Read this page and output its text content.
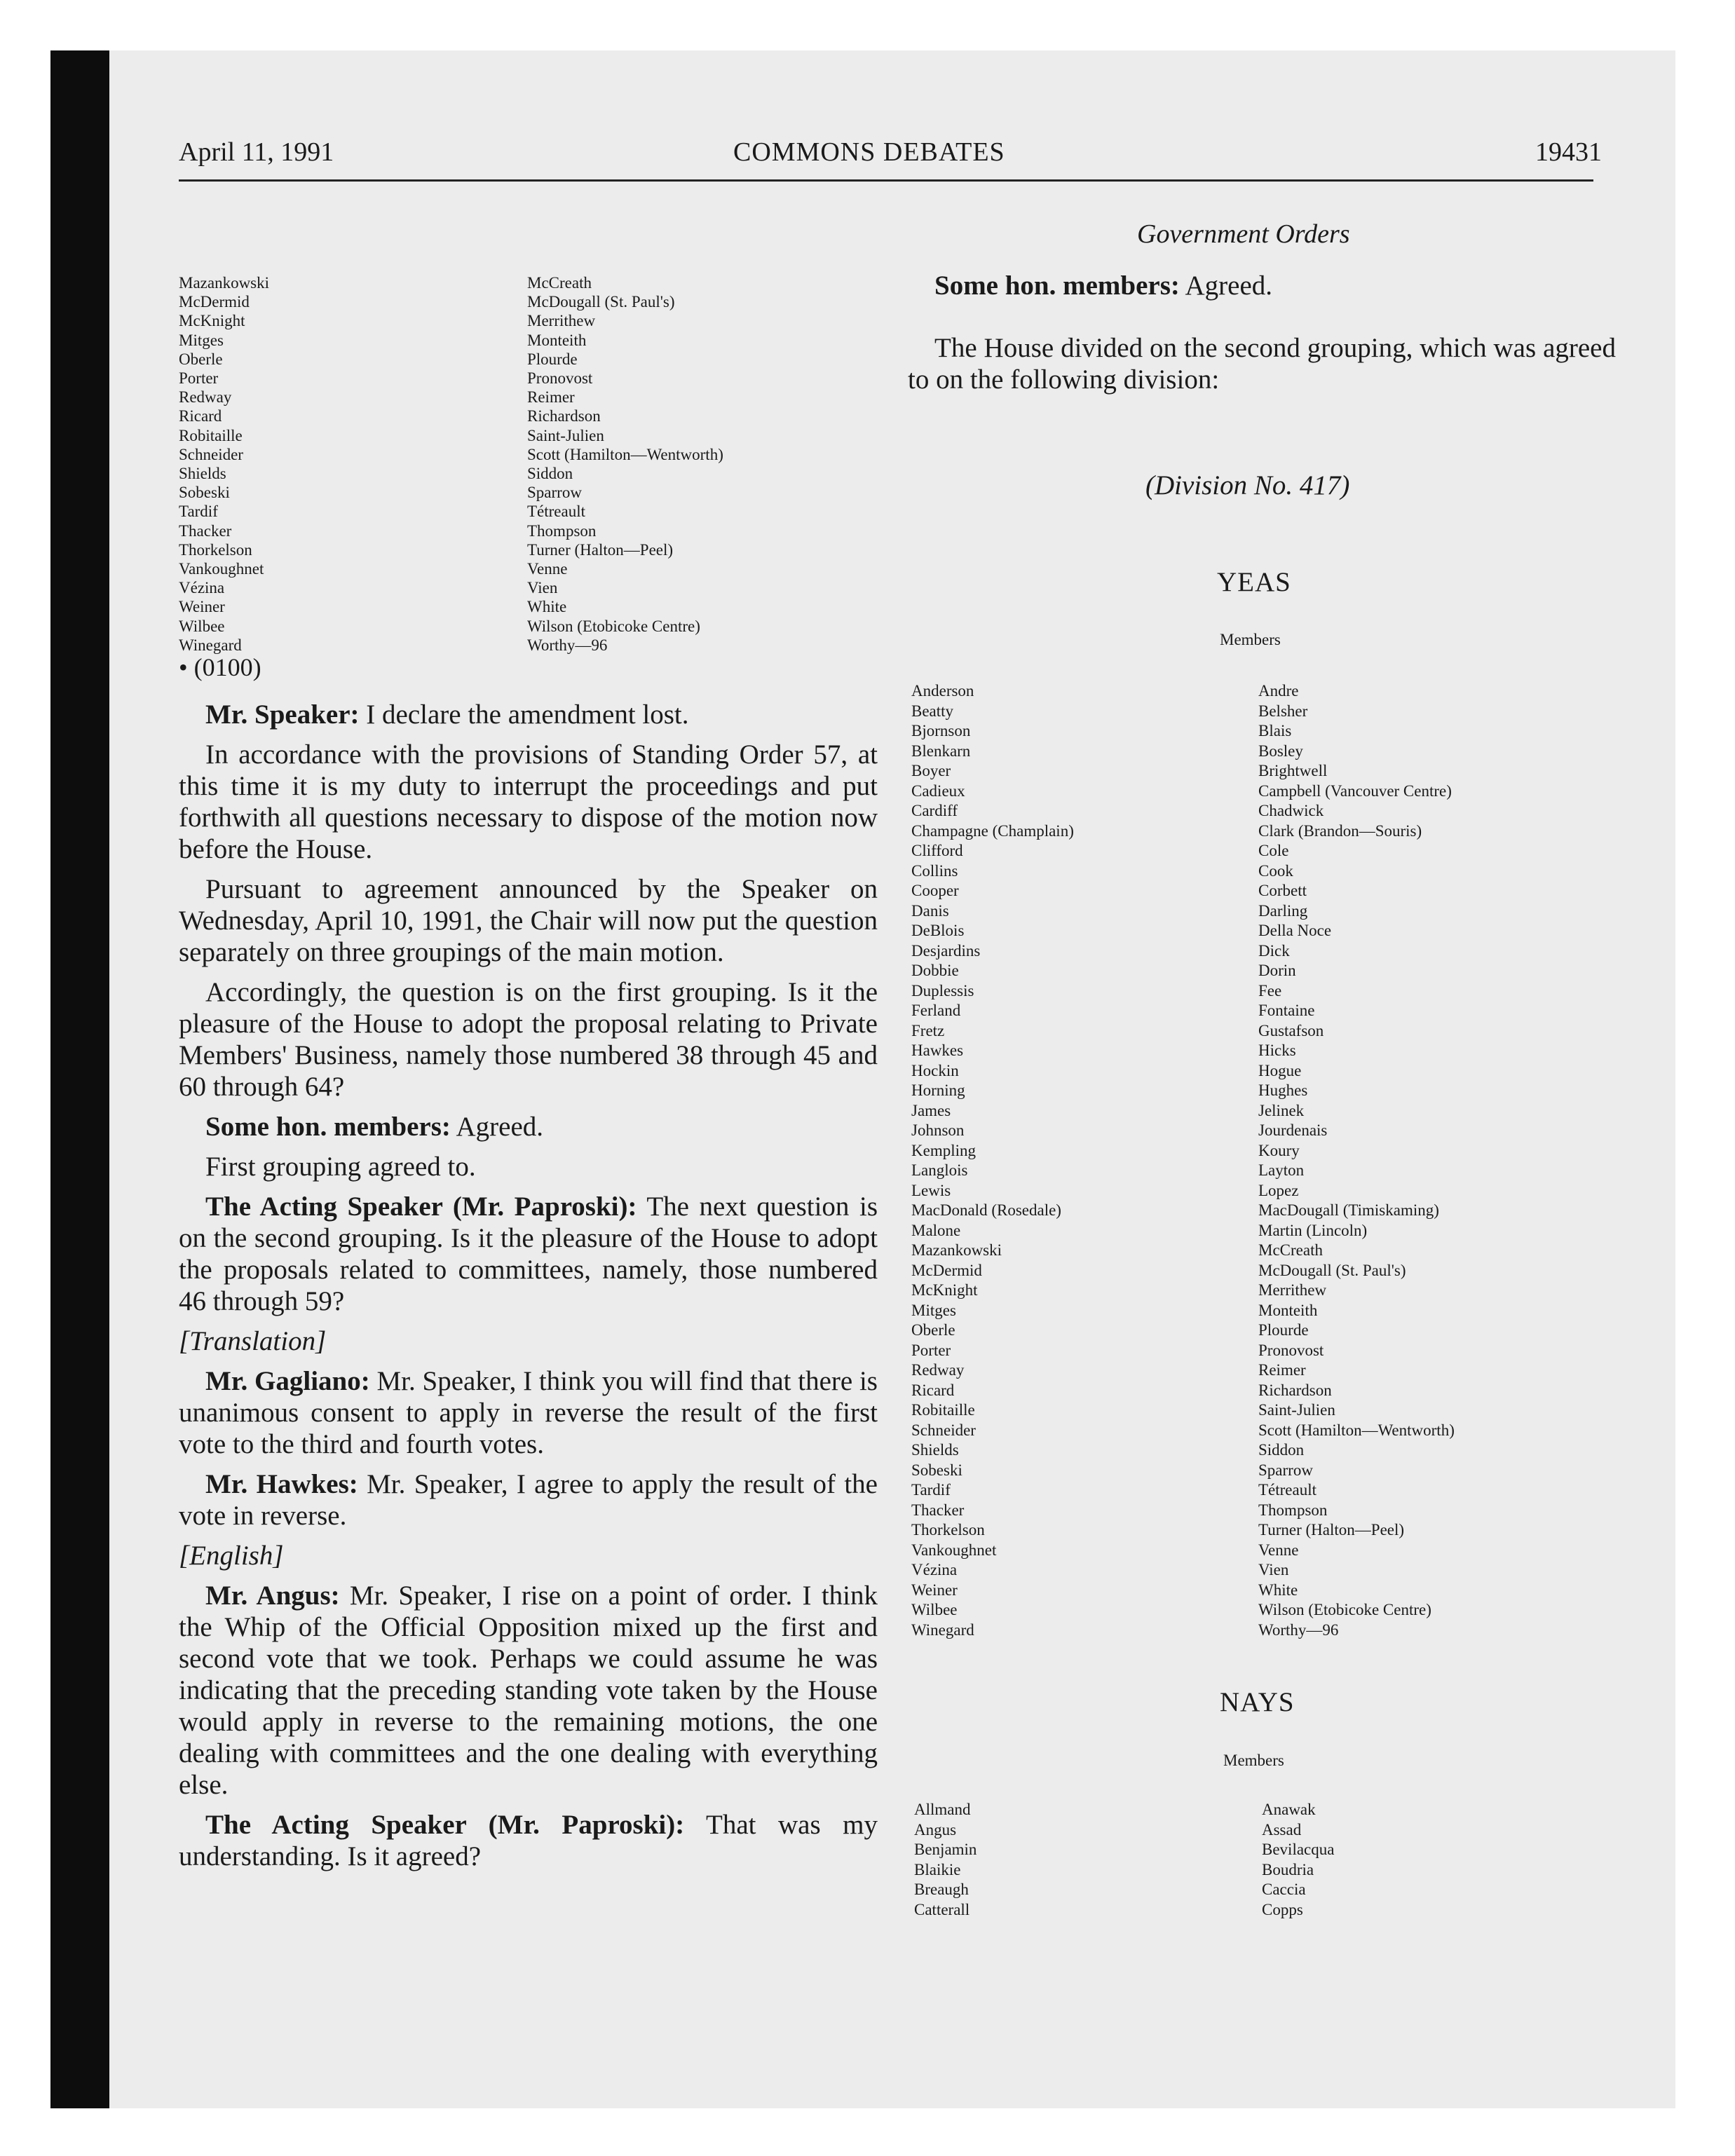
April 11, 1991	COMMONS DEBATES	19431
Government Orders
Mazankowski
McDermid
McKnight
Mitges
Oberle
Porter
Redway
Ricard
Robitaille
Schneider
Shields
Sobeski
Tardif
Thacker
Thorkelson
Vankoughnet
Vézina
Weiner
Wilbee
Winegard
McCreath
McDougall (St. Paul's)
Merrithew
Monteith
Plourde
Pronovost
Reimer
Richardson
Saint-Julien
Scott (Hamilton—Wentworth)
Siddon
Sparrow
Tétreault
Thompson
Turner (Halton—Peel)
Venne
Vien
White
Wilson (Etobicoke Centre)
Worthy—96

• (0100)

Mr. Speaker: I declare the amendment lost.

In accordance with the provisions of Standing Order 57, at this time it is my duty to interrupt the proceedings and put forthwith all questions necessary to dispose of the motion now before the House.

Pursuant to agreement announced by the Speaker on Wednesday, April 10, 1991, the Chair will now put the question separately on three groupings of the main motion.

Accordingly, the question is on the first grouping. Is it the pleasure of the House to adopt the proposal relating to Private Members' Business, namely those numbered 38 through 45 and 60 through 64?

Some hon. members: Agreed.

First grouping agreed to.

The Acting Speaker (Mr. Paproski): The next question is on the second grouping. Is it the pleasure of the House to adopt the proposals related to committees, namely, those numbered 46 through 59?

[Translation]

Mr. Gagliano: Mr. Speaker, I think you will find that there is unanimous consent to apply in reverse the result of the first vote to the third and fourth votes.

Mr. Hawkes: Mr. Speaker, I agree to apply the result of the vote in reverse.

[English]

Mr. Angus: Mr. Speaker, I rise on a point of order. I think the Whip of the Official Opposition mixed up the first and second vote that we took. Perhaps we could assume he was indicating that the preceding standing vote taken by the House would apply in reverse to the remaining motions, the one dealing with committees and the one dealing with everything else.

The Acting Speaker (Mr. Paproski): That was my understanding. Is it agreed?

Some hon. members: Agreed.

The House divided on the second grouping, which was agreed to on the following division:

(Division No. 417)
YEAS
Members
Anderson
Beatty
Bjornson
Blenkarn
Boyer
Cadieux
Cardiff
Champagne (Champlain)
Clifford
Collins
Cooper
Danis
DeBlois
Desjardins
Dobbie
Duplessis
Ferland
Fretz
Hawkes
Hockin
Horning
James
Johnson
Kempling
Langlois
Lewis
MacDonald (Rosedale)
Malone
Mazankowski
McDermid
McKnight
Mitges
Oberle
Porter
Redway
Ricard
Robitaille
Schneider
Shields
Sobeski
Tardif
Thacker
Thorkelson
Vankoughnet
Vézina
Weiner
Wilbee
Winegard
Andre
Belsher
Blais
Bosley
Brightwell
Campbell (Vancouver Centre)
Chadwick
Clark (Brandon—Souris)
Cole
Cook
Corbett
Darling
Della Noce
Dick
Dorin
Fee
Fontaine
Gustafson
Hicks
Hogue
Hughes
Jelinek
Jourdenais
Koury
Layton
Lopez
MacDougall (Timiskaming)
Martin (Lincoln)
McCreath
McDougall (St. Paul's)
Merrithew
Monteith
Plourde
Pronovost
Reimer
Richardson
Saint-Julien
Scott (Hamilton—Wentworth)
Siddon
Sparrow
Tétreault
Thompson
Turner (Halton—Peel)
Venne
Vien
White
Wilson (Etobicoke Centre)
Worthy—96
NAYS
Members
Allmand
Angus
Benjamin
Blaikie
Breaugh
Catterall
Anawak
Assad
Bevilacqua
Boudria
Caccia
Copps
